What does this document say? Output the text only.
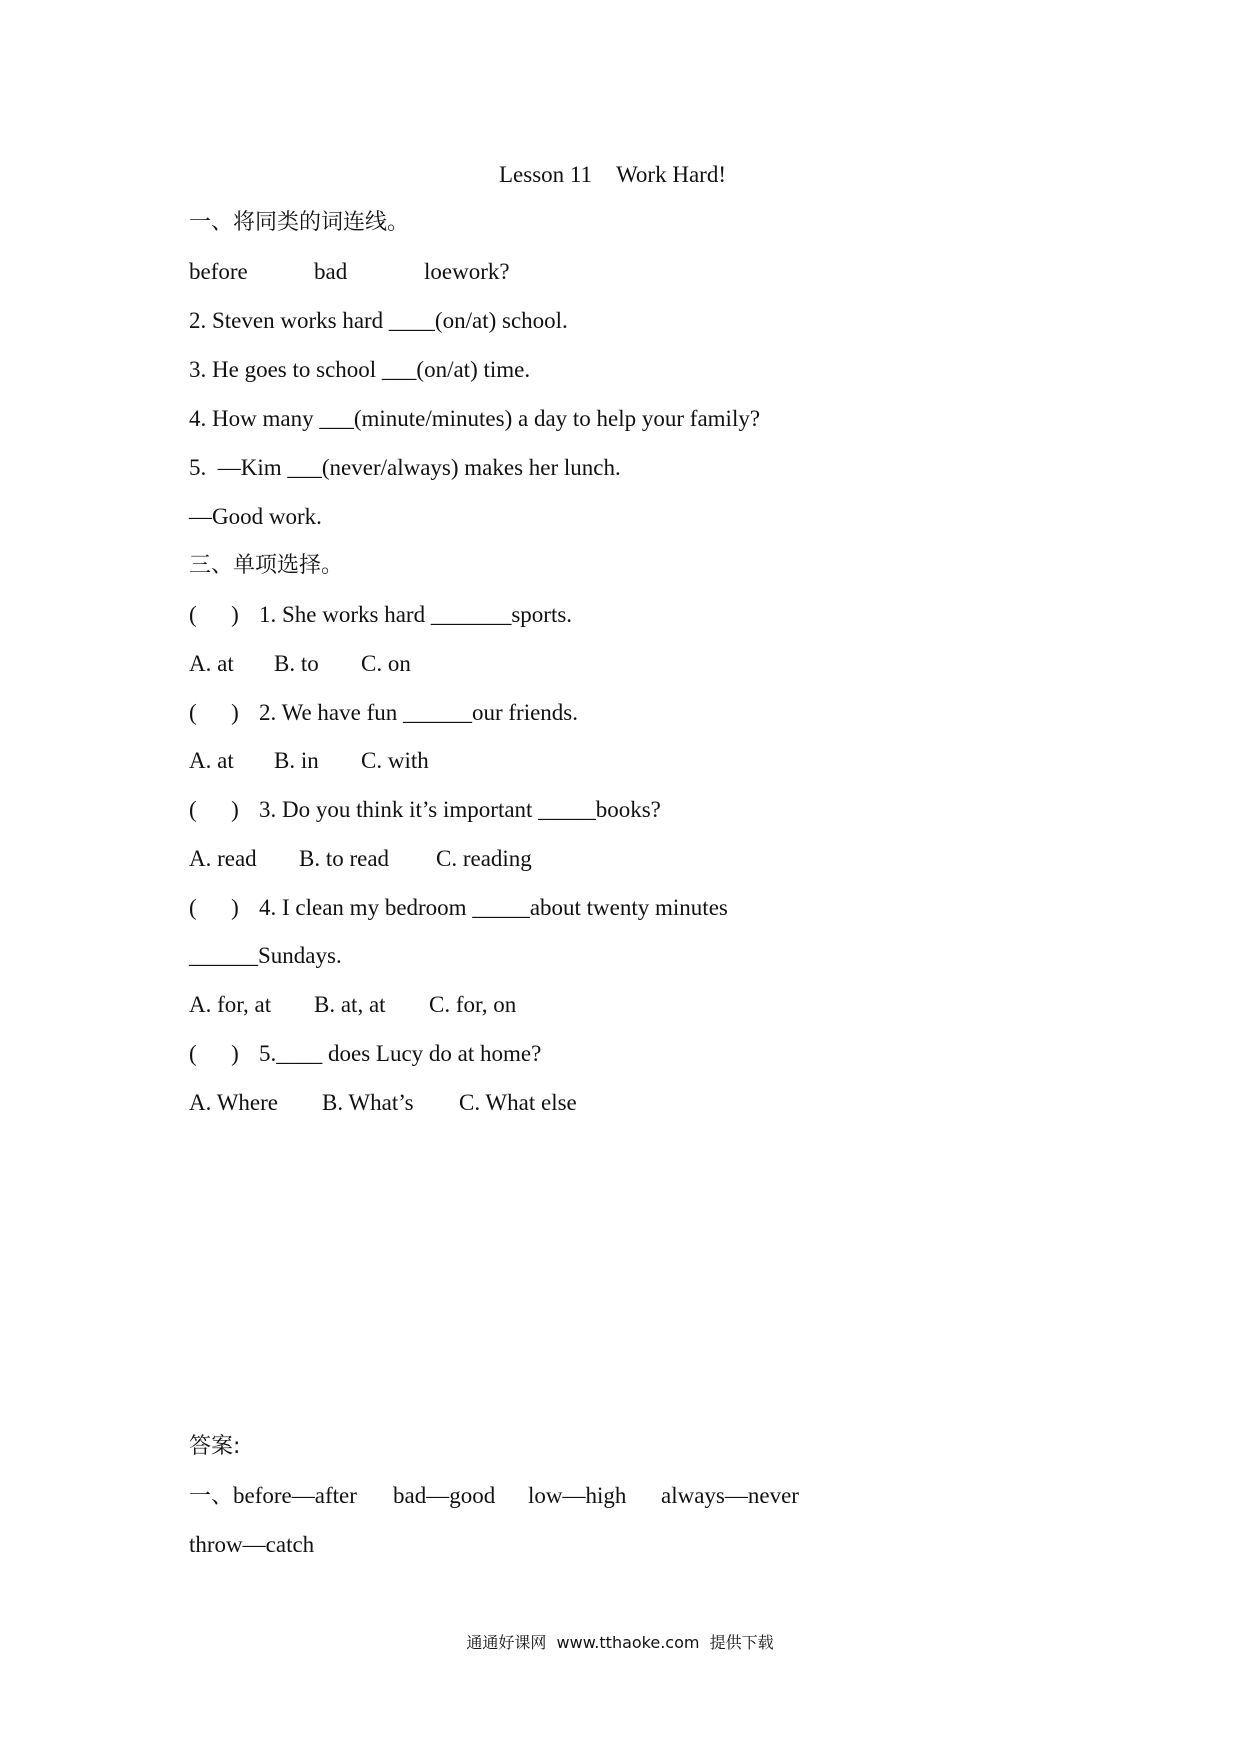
Lesson 11 Work Hard!
一、将同类的词连线。
before	bad	loework?
2. Steven works hard ____(on/at) school.
3. He goes to school ___(on/at) time.
4. How many ___(minute/minutes) a day to help your family?
5.  —Kim ___(never/always) makes her lunch.
—Good work.
三、单项选择。
(      ) 1. She works hard _______sports.
A. at B. to C. on
(      ) 2. We have fun ______our friends.
A. at B. in C. with
(      ) 3. Do you think it’s important _____books?
A. read B. to read C. reading
(      ) 4. I clean my bedroom _____about twenty minutes
______Sundays.
A. for, at B. at, at C. for, on
(      ) 5.____ does Lucy do at home?
A. Where B. What’s C. What else
答案:
一、before—after bad—good low—high always—never
throw—catch
通通好课网  www.tthaoke.com  提供下载
